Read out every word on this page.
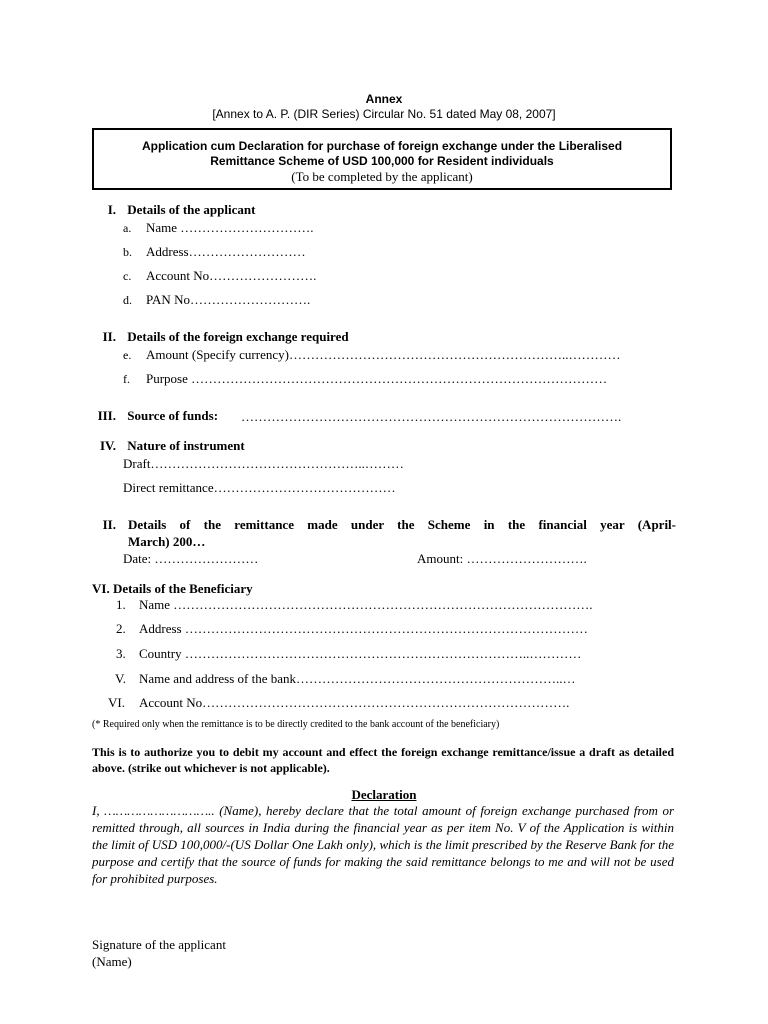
Annex
[Annex to A. P. (DIR Series) Circular No. 51 dated May 08, 2007]
Application cum Declaration for purchase of foreign exchange under the Liberalised
Remittance Scheme of USD 100,000 for Resident individuals
(To be completed by the applicant)
I. Details of the applicant
a. Name ………………………….
b. Address………………………
c. Account No…………………….
d. PAN No……………………….
II. Details of the foreign exchange required
e. Amount (Specify currency)………………………………………………………..…………
f. Purpose ……………………………………………………………………………………
III. Source of funds: …………………………………………………………………………….
IV. Nature of instrument
Draft…………………………………………..………
Direct remittance……………………………………
II. Details of the remittance made under the Scheme in the financial year (April-
March) 200…
Date: ……………………	Amount: ……………………….
VI. Details of the Beneficiary
1. Name …………………………………………………………………………………….
2. Address …………………………………………………………………………………
3. Country ……………………………………………………………………..…………
V. Name and address of the bank……………………………………………………..…
VI. Account No………………………………………………………………………….
(* Required only when the remittance is to be directly credited to the bank account of the beneficiary)
This is to authorize you to debit my account and effect the foreign exchange remittance/issue a draft as detailed above. (strike out whichever is not applicable).
Declaration
I, ……………………….. (Name), hereby declare that the total amount of foreign exchange purchased from or remitted through, all sources in India during the financial year as per item No. V of the Application is within the limit of USD 100,000/-(US Dollar One Lakh only), which is the limit prescribed by the Reserve Bank for the purpose and certify that the source of funds for making the said remittance belongs to me and will not be used for prohibited purposes.
Signature of the applicant
(Name)
